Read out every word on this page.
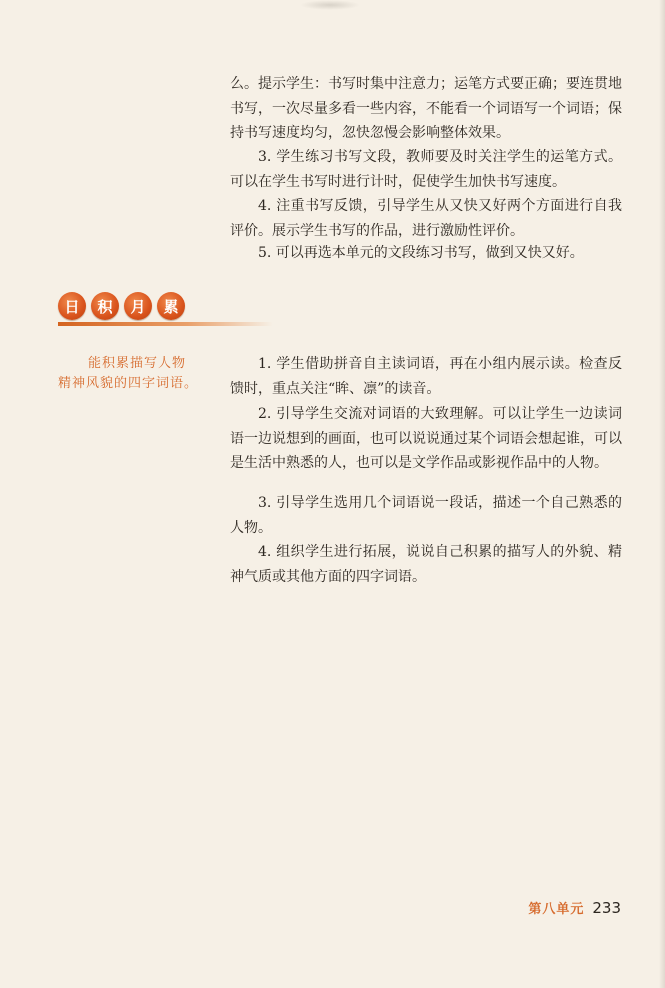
么。提示学生：书写时集中注意力；运笔方式要正确；要连贯地书写，一次尽量多看一些内容，不能看一个词语写一个词语；保持书写速度均匀，忽快忽慢会影响整体效果。

3. 学生练习书写文段，教师要及时关注学生的运笔方式。可以在学生书写时进行计时，促使学生加快书写速度。

4. 注重书写反馈，引导学生从又快又好两个方面进行自我评价。展示学生书写的作品，进行激励性评价。

5. 可以再选本单元的文段练习书写，做到又快又好。

日	积	月	累
能积累描写人物
精神风貌的四字词语。

1. 学生借助拼音自主读词语，再在小组内展示读。检查反馈时，重点关注“眸、凛”的读音。

2. 引导学生交流对词语的大致理解。可以让学生一边读词语一边说想到的画面，也可以说说通过某个词语会想起谁，可以是生活中熟悉的人，也可以是文学作品或影视作品中的人物。

3. 引导学生选用几个词语说一段话，描述一个自己熟悉的人物。

4. 组织学生进行拓展，说说自己积累的描写人的外貌、精神气质或其他方面的四字词语。

第八单元 233
